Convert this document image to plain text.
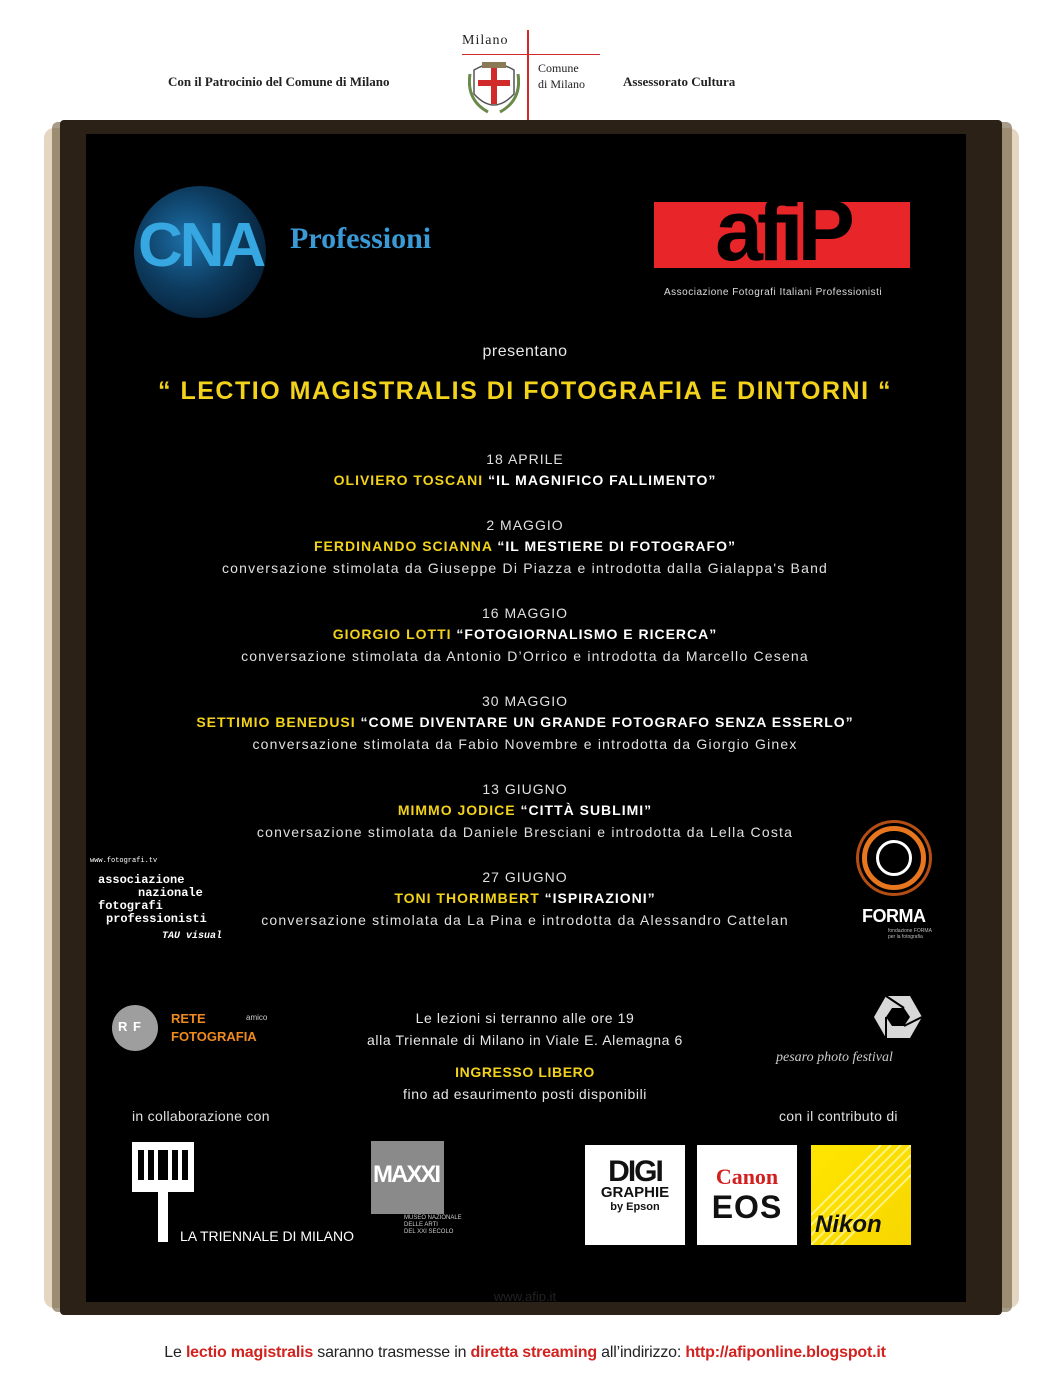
Con il Patrocinio del Comune di Milano
Milano
Comune
di Milano	Assessorato Cultura
CNA Professioni	afiP
Associazione Fotografi Italiani Professionisti
presentano
“ LECTIO MAGISTRALIS DI FOTOGRAFIA E DINTORNI “
18 APRILE
OLIVIERO TOSCANI “IL MAGNIFICO FALLIMENTO”
2 MAGGIO
FERDINANDO SCIANNA “IL MESTIERE DI FOTOGRAFO”
conversazione stimolata da Giuseppe Di Piazza e introdotta dalla Gialappa's Band
16 MAGGIO
GIORGIO LOTTI “FOTOGIORNALISMO E RICERCA”
conversazione stimolata da Antonio D’Orrico e introdotta da Marcello Cesena
30 MAGGIO
SETTIMIO BENEDUSI “COME DIVENTARE UN GRANDE FOTOGRAFO SENZA ESSERLO”
conversazione stimolata da Fabio Novembre e introdotta da Giorgio Ginex
13 GIUGNO
MIMMO JODICE “CITTÀ SUBLIMI”
conversazione stimolata da Daniele Bresciani e introdotta da Lella Costa
27 GIUGNO
TONI THORIMBERT “ISPIRAZIONI”
conversazione stimolata da La Pina e introdotta da Alessandro Cattelan
www.fotografi.tv
associazione
nazionale
fotografi
professionisti
TAU visual
FORMA
fondazione FORMA per la fotografia
R F
RETE
FOTOGRAFIA
amico
pesaro photo festival
Le lezioni si terranno alle ore 19
alla Triennale di Milano in Viale E. Alemagna 6
INGRESSO LIBERO
fino ad esaurimento posti disponibili
in collaborazione con	con il contributo di
LA TRIENNALE DI MILANO
MAXXI
MUSEO NAZIONALE
DELLE ARTI
DEL XXI SECOLO
DIGI
GRAPHIE
by Epson
Canon
EOS	Nikon
www.afip.it
Le lectio magistralis saranno trasmesse in diretta streaming all’indirizzo: http://afiponline.blogspot.it
